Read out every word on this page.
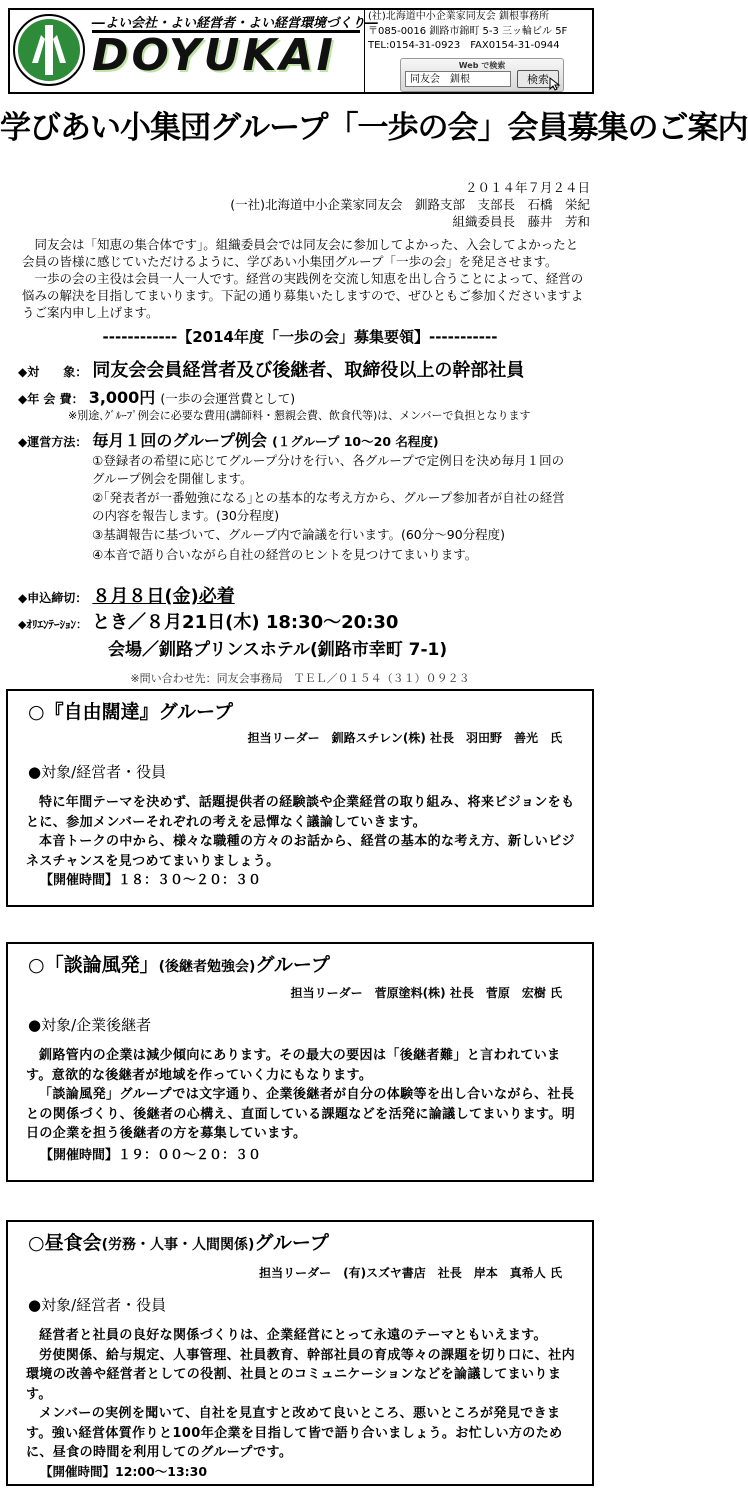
―よい会社・よい経営者・よい経営環境づくり―
DOYUKAI
(社)北海道中小企業家同友会 釧根事務所
〒085-0016 釧路市錦町 5-3 三ッ輪ビル 5F
TEL:0154-31-0923　FAX0154-31-0944
Web で検索
同友会　釧根	検索
学びあい小集団グループ「一歩の会」会員募集のご案内
２０１４年７月２４日
(一社)北海道中小企業家同友会　釧路支部　支部長　石橋　栄紀
組織委員長　藤井　芳和

同友会は「知恵の集合体です」。組織委員会では同友会に参加してよかった、入会してよかったと会員の皆様に感じていただけるように、学びあい小集団グループ「一歩の会」を発足させます。

一歩の会の主役は会員一人一人です。経営の実践例を交流し知恵を出し合うことによって、経営の悩みの解決を目指してまいります。下記の通り募集いたしますので、ぜひともご参加くださいますようご案内申し上げます。

------------【2014年度「一歩の会」募集要領】-----------
◆対　　象： 同友会会員経営者及び後継者、取締役以上の幹部社員
◆年 会 費： 3,000円 (一歩の会運営費として)
※別途､ｸﾞﾙｰﾌﾟ例会に必要な費用(講師料・懇親会費、飲食代等)は、メンバーで負担となります
◆運営方法： 毎月１回のグループ例会 (１グループ 10～20 名程度)
①登録者の希望に応じてグループ分けを行い、各グループで定例日を決め毎月１回のグループ例会を開催します。
②｢発表者が一番勉強になる｣との基本的な考え方から、グループ参加者が自社の経営の内容を報告します。(30分程度)
③基調報告に基づいて、グループ内で論議を行います。(60分～90分程度)
④本音で語り合いながら自社の経営のヒントを見つけてまいります。
◆申込締切： ８月８日(金)必着
◆ｵﾘｴﾝﾃｰｼｮﾝ： とき／８月21日(木) 18:30～20:30
会場／釧路プリンスホテル(釧路市幸町 7-1)
※問い合わせ先：同友会事務局　ＴＥＬ／０１５４（３１）０９２３
○『自由闊達』グループ
担当リーダー　釧路スチレン(株) 社長　羽田野　善光　氏
●対象/経営者・役員

特に年間テーマを決めず、話題提供者の経験談や企業経営の取り組み、将来ビジョンをもとに、参加メンバーそれぞれの考えを忌憚なく議論していきます。

本音トークの中から、様々な職種の方々のお話から、経営の基本的な考え方、新しいビジネスチャンスを見つめてまいりましょう。

【開催時間】１８：３０～２０：３０
○「談論風発」(後継者勉強会)グループ
担当リーダー　菅原塗料(株) 社長　菅原　宏樹 氏
●対象/企業後継者

釧路管内の企業は減少傾向にあります。その最大の要因は「後継者難」と言われています。意欲的な後継者が地域を作っていく力にもなります。

「談論風発」グループでは文字通り、企業後継者が自分の体験等を出し合いながら、社長との関係づくり、後継者の心構え、直面している課題などを活発に論議してまいります。明日の企業を担う後継者の方を募集しています。

【開催時間】１９：００～２０：３０
○昼食会(労務・人事・人間関係)グループ
担当リーダー　(有)スズヤ書店　社長　岸本　真希人 氏
●対象/経営者・役員

経営者と社員の良好な関係づくりは、企業経営にとって永遠のテーマともいえます。

労使関係、給与規定、人事管理、社員教育、幹部社員の育成等々の課題を切り口に、社内環境の改善や経営者としての役割、社員とのコミュニケーションなどを論議してまいります。

メンバーの実例を聞いて、自社を見直すと改めて良いところ、悪いところが発見できます。強い経営体質作りと100年企業を目指して皆で語り合いましょう。お忙しい方のために、昼食の時間を利用してのグループです。

【開催時間】12:00～13:30
